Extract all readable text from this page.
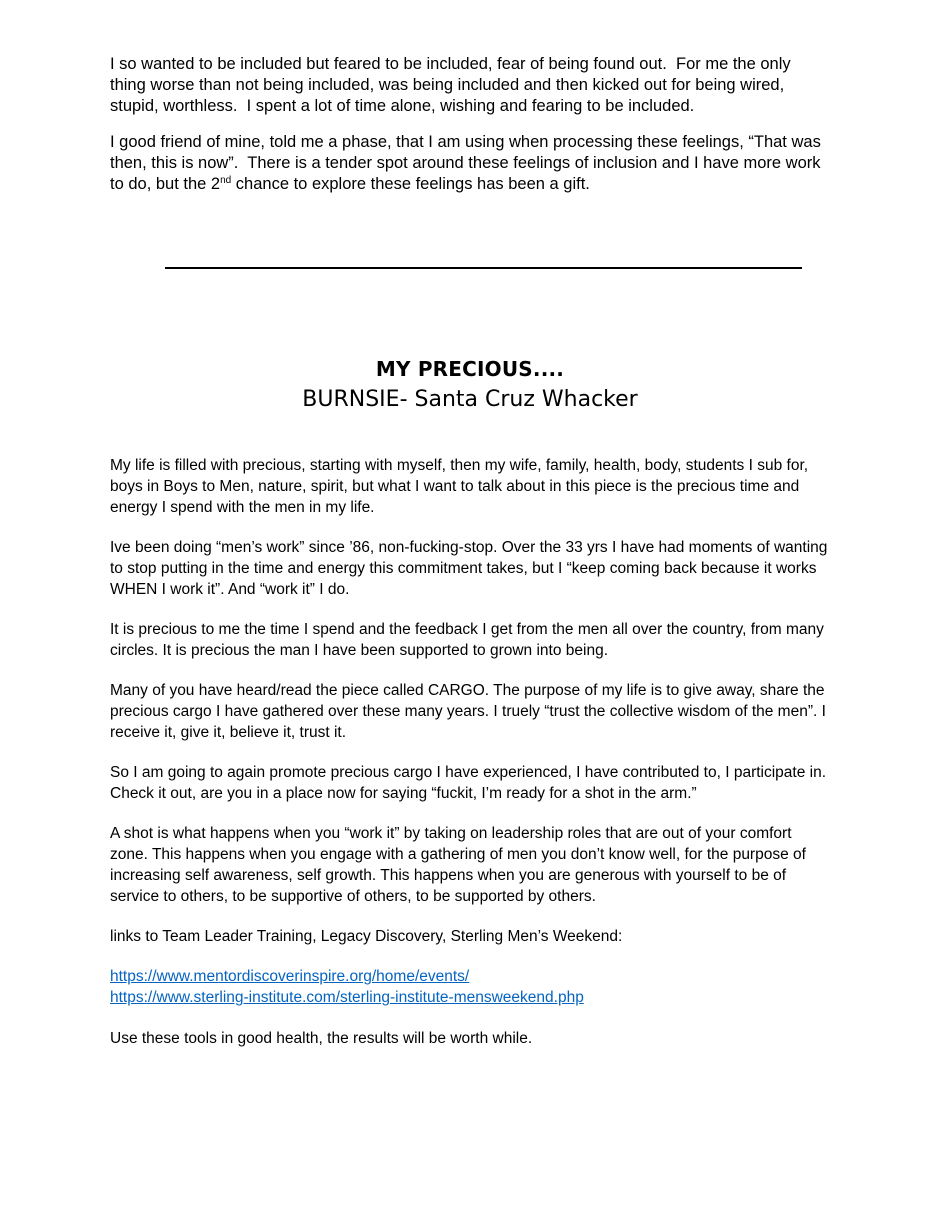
I so wanted to be included but feared to be included, fear of being found out.  For me the only thing worse than not being included, was being included and then kicked out for being wired, stupid, worthless.  I spent a lot of time alone, wishing and fearing to be included.

I good friend of mine, told me a phase, that I am using when processing these feelings, “That was then, this is now”.  There is a tender spot around these feelings of inclusion and I have more work to do, but the 2nd chance to explore these feelings has been a gift.

MY PRECIOUS....
BURNSIE- Santa Cruz Whacker

My life is filled with precious, starting with myself, then my wife, family, health, body, students I sub for, boys in Boys to Men, nature, spirit, but what I want to talk about in this piece is the precious time and energy I spend with the men in my life.

Ive been doing “men’s work” since ’86, non-fucking-stop. Over the 33 yrs I have had moments of wanting to stop putting in the time and energy this commitment takes, but I “keep coming back because it works WHEN I work it”. And “work it” I do.

It is precious to me the time I spend and the feedback I get from the men all over the country, from many circles. It is precious the man I have been supported to grown into being.

Many of you have heard/read the piece called CARGO. The purpose of my life is to give away, share the precious cargo I have gathered over these many years. I truely “trust the collective wisdom of the men”. I receive it, give it, believe it, trust it.

So I am going to again promote precious cargo I have experienced, I have contributed to, I participate in. Check it out, are you in a place now for saying “fuckit, I’m ready for a shot in the arm.”

A shot is what happens when you “work it” by taking on leadership roles that are out of your comfort zone. This happens when you engage with a gathering of men you don’t know well, for the purpose of increasing self awareness, self growth. This happens when you are generous with yourself to be of service to others, to be supportive of others, to be supported by others.

links to Team Leader Training, Legacy Discovery, Sterling Men’s Weekend:

https://www.mentordiscoverinspire.org/home/events/
https://www.sterling-institute.com/sterling-institute-mensweekend.php

Use these tools in good health, the results will be worth while.
